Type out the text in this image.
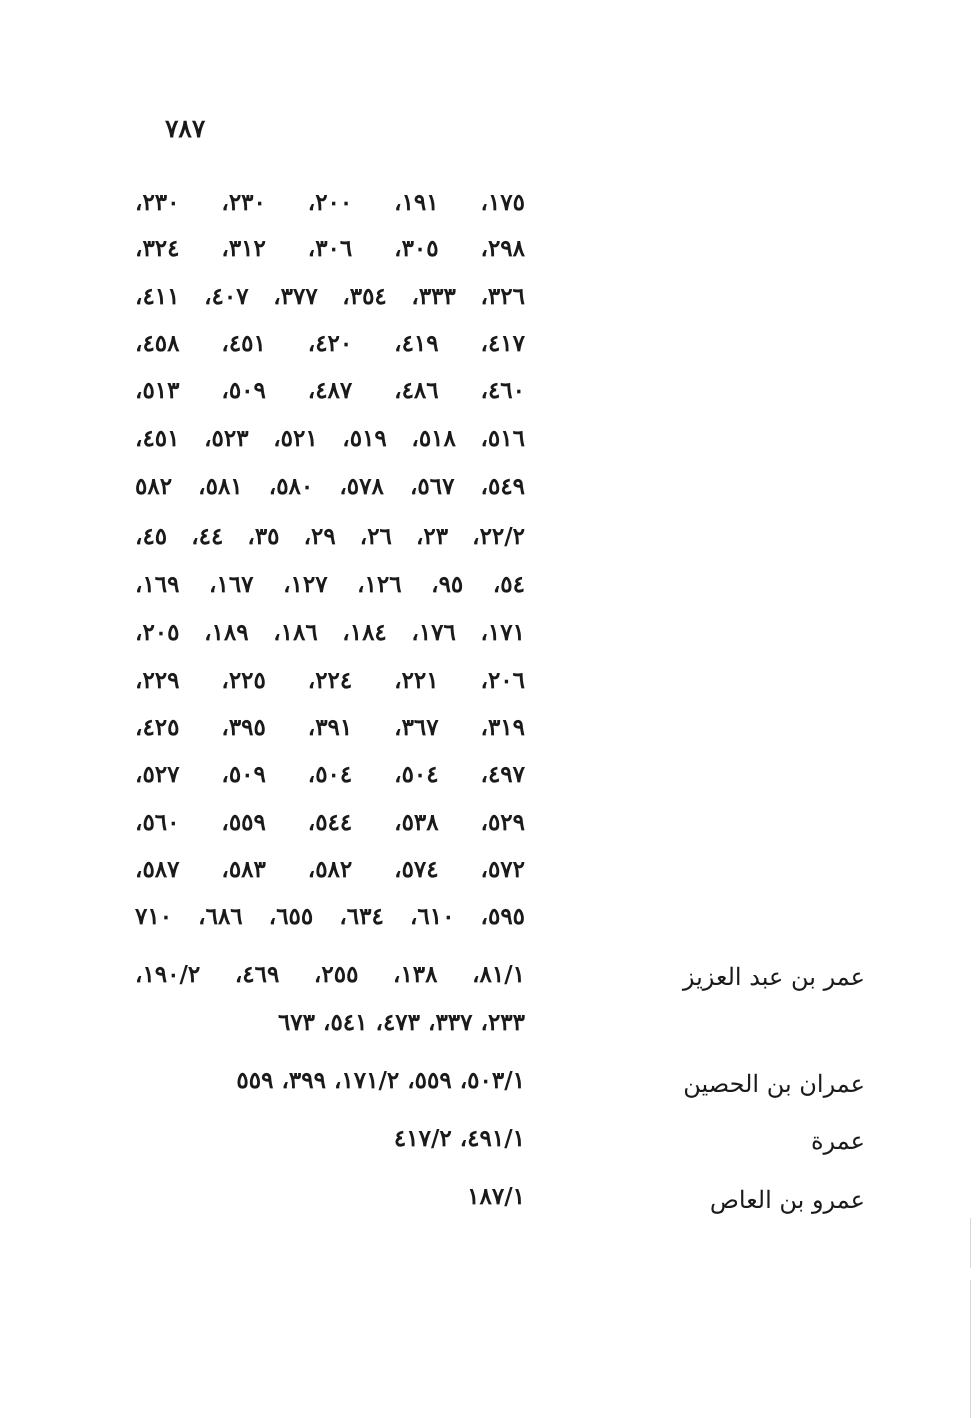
٧٨٧
١٧٥، ١٩١، ٢٠٠، ٢٣٠، ٢٣٠،
٢٩٨، ٣٠٥، ٣٠٦، ٣١٢، ٣٢٤،
٣٢٦، ٣٣٣، ٣٥٤، ٣٧٧، ٤٠٧، ٤١١،
٤١٧، ٤١٩، ٤٢٠، ٤٥١، ٤٥٨،
٤٦٠، ٤٨٦، ٤٨٧، ٥٠٩، ٥١٣،
٥١٦، ٥١٨، ٥١٩، ٥٢١، ٥٢٣، ٤٥١،
٥٤٩، ٥٦٧، ٥٧٨، ٥٨٠، ٥٨١، ٥٨٢
٢٢/٢، ٢٣، ٢٦، ٢٩، ٣٥، ٤٤، ٤٥،
٥٤، ٩٥، ١٢٦، ١٢٧، ١٦٧، ١٦٩،
١٧١، ١٧٦، ١٨٤، ١٨٦، ١٨٩، ٢٠٥،
٢٠٦، ٢٢١، ٢٢٤، ٢٢٥، ٢٢٩،
٣١٩، ٣٦٧، ٣٩١، ٣٩٥، ٤٢٥،
٤٩٧، ٥٠٤، ٥٠٤، ٥٠٩، ٥٢٧،
٥٢٩، ٥٣٨، ٥٤٤، ٥٥٩، ٥٦٠،
٥٧٢، ٥٧٤، ٥٨٢، ٥٨٣، ٥٨٧،
٥٩٥، ٦١٠، ٦٣٤، ٦٥٥، ٦٨٦، ٧١٠
عمر بن عبد العزيز
٨١/١، ١٣٨، ٢٥٥، ٤٦٩، ١٩٠/٢،
٢٣٣، ٣٣٧، ٤٧٣، ٥٤١، ٦٧٣
عمران بن الحصين
٥٠٣/١، ٥٥٩، ١٧١/٢، ٣٩٩، ٥٥٩
عمرة
٤٩١/١، ٤١٧/٢
عمرو بن العاص
١٨٧/١
